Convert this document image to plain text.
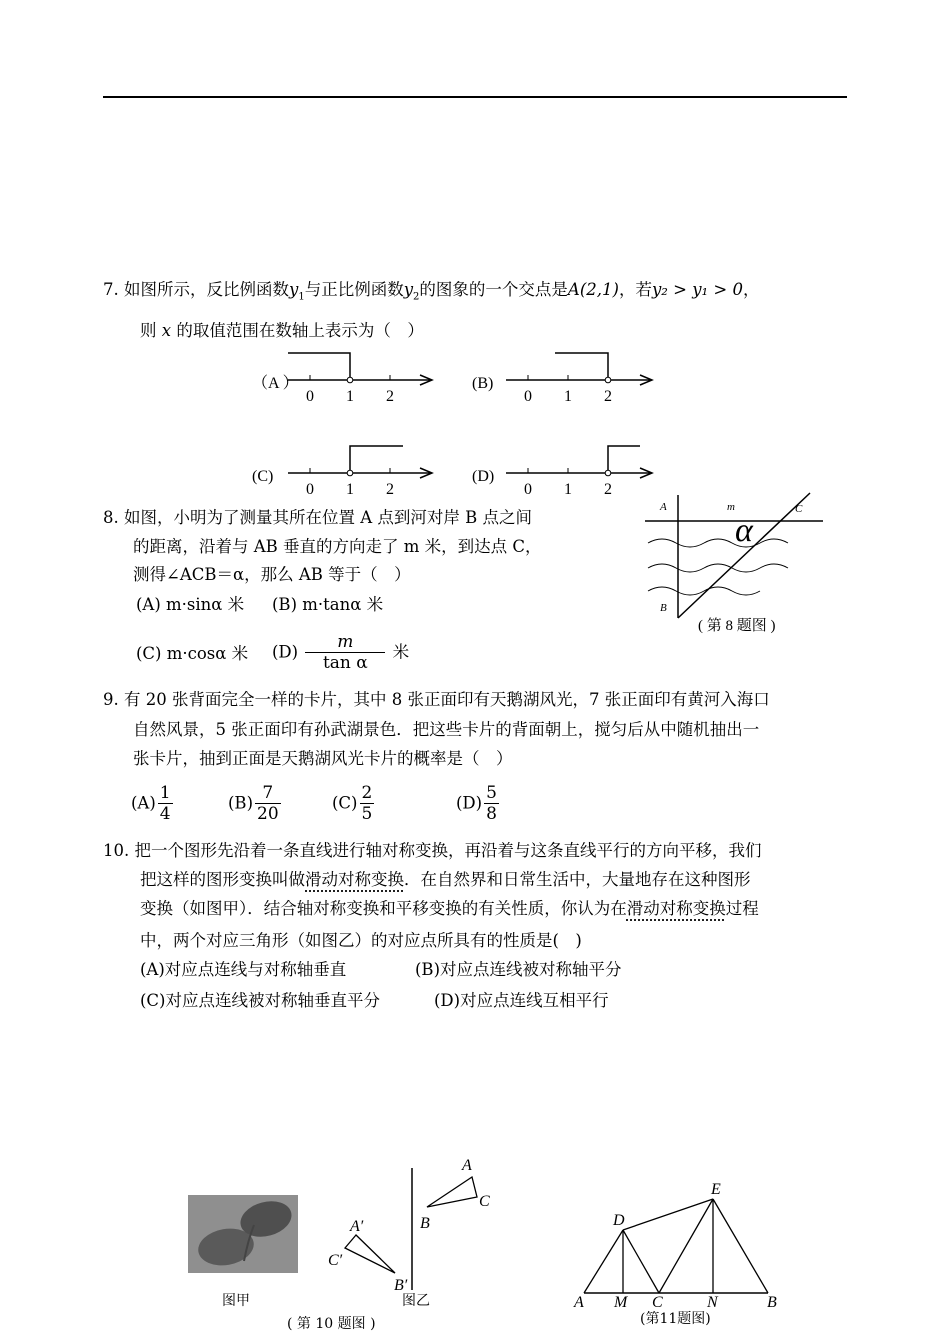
7. 如图所示，反比例函数$y_1$与正比例函数$y_2$的图象的一个交点是A(2,1)，若y₂ > y₁ > 0，
则 x 的取值范围在数轴上表示为（　）
（A ）
0 1 2
(B)
0 1 2
(C)
0 1 2
(D)
0 1 2
8. 如图，小明为了测量其所在位置 A 点到河对岸 B 点之间
的距离，沿着与 AB 垂直的方向走了 m 米，到达点 C，
测得∠ACB＝α，那么 AB 等于（　）
(A) m·sinα 米 (B) m·tanα 米
(C) m·cosα 米 $(D) \frac{m}{\text{tan α}}$ 米
A	m	C
B
α
( 第 8 题图 )
9. 有 20 张背面完全一样的卡片，其中 8 张正面印有天鹅湖风光，7 张正面印有黄河入海口
自然风景，5 张正面印有孙武湖景色．把这些卡片的背面朝上，搅匀后从中随机抽出一
张卡片，抽到正面是天鹅湖风光卡片的概率是（　）
$(A) \frac{1}{4}$	$(B) \frac{7}{20}$	$(C) \frac{2}{5}$	$(D) \frac{5}{8}$
10. 把一个图形先沿着一条直线进行轴对称变换，再沿着与这条直线平行的方向平移，我们
把这样的图形变换叫做滑动对称变换．在自然界和日常生活中，大量地存在这种图形
变换（如图甲）．结合轴对称变换和平移变换的有关性质，你认为在滑动对称变换过程
中，两个对应三角形（如图乙）的对应点所具有的性质是(　)
(A)对应点连线与对称轴垂直	(B)对应点连线被对称轴平分
(C)对应点连线被对称轴垂直平分	(D)对应点连线互相平行
图甲
A
B
C
A′
C′
B′
图乙
( 第 10 题图 )
E
D
A M C	N	B
(第11题图)
